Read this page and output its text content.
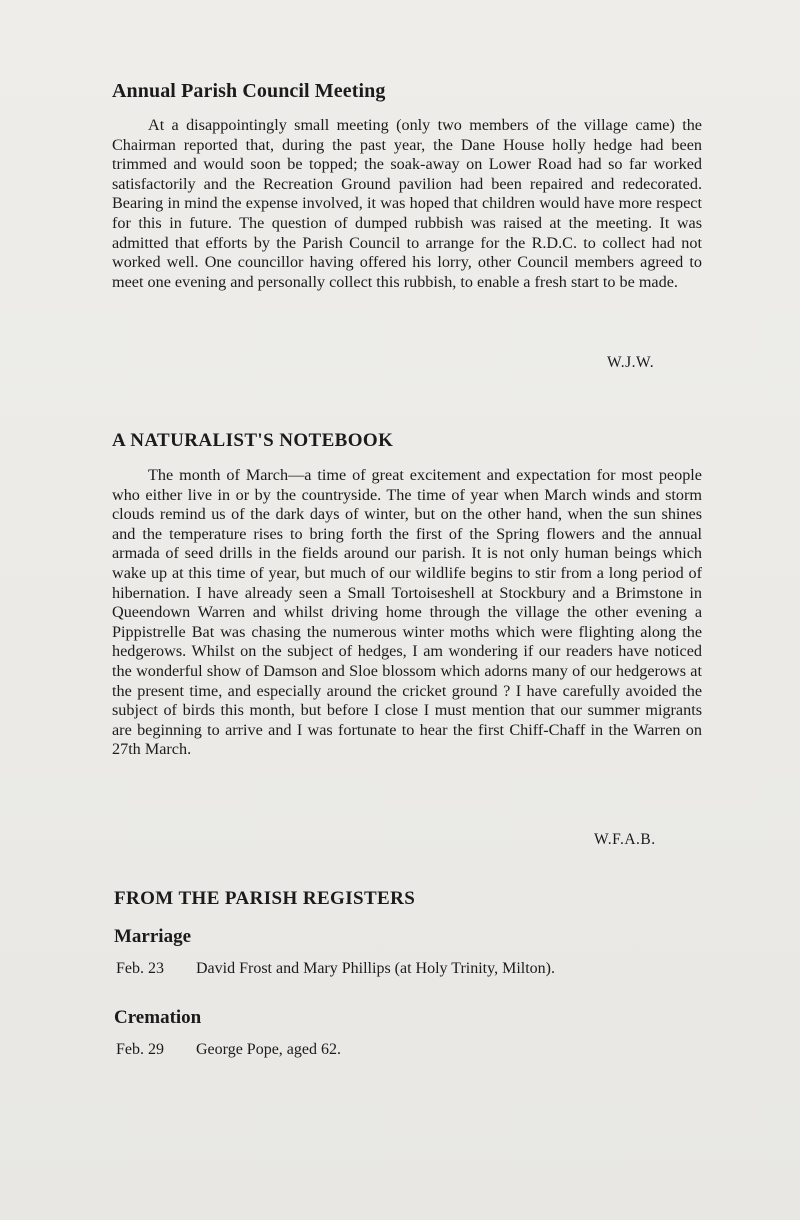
Annual Parish Council Meeting

At a disappointingly small meeting (only two members of the village came) the Chairman reported that, during the past year, the Dane House holly hedge had been trimmed and would soon be topped; the soak-away on Lower Road had so far worked satisfactorily and the Recreation Ground pavilion had been repaired and redecorated. Bearing in mind the expense involved, it was hoped that children would have more respect for this in future. The question of dumped rubbish was raised at the meeting. It was admitted that efforts by the Parish Council to arrange for the R.D.C. to collect had not worked well. One councillor having offered his lorry, other Council members agreed to meet one evening and personally collect this rubbish, to enable a fresh start to be made.

W.J.W.
A NATURALIST'S NOTEBOOK

The month of March—a time of great excitement and expectation for most people who either live in or by the countryside. The time of year when March winds and storm clouds remind us of the dark days of winter, but on the other hand, when the sun shines and the temperature rises to bring forth the first of the Spring flowers and the annual armada of seed drills in the fields around our parish. It is not only human beings which wake up at this time of year, but much of our wildlife begins to stir from a long period of hibernation. I have already seen a Small Tortoiseshell at Stockbury and a Brimstone in Queendown Warren and whilst driving home through the village the other evening a Pippistrelle Bat was chasing the numerous winter moths which were flighting along the hedgerows. Whilst on the subject of hedges, I am wondering if our readers have noticed the wonderful show of Damson and Sloe blossom which adorns many of our hedgerows at the present time, and especially around the cricket ground ? I have carefully avoided the subject of birds this month, but before I close I must mention that our summer migrants are beginning to arrive and I was fortunate to hear the first Chiff-Chaff in the Warren on 27th March.

W.F.A.B.
FROM THE PARISH REGISTERS
Marriage
Feb. 23 David Frost and Mary Phillips (at Holy Trinity, Milton).
Cremation
Feb. 29 George Pope, aged 62.
